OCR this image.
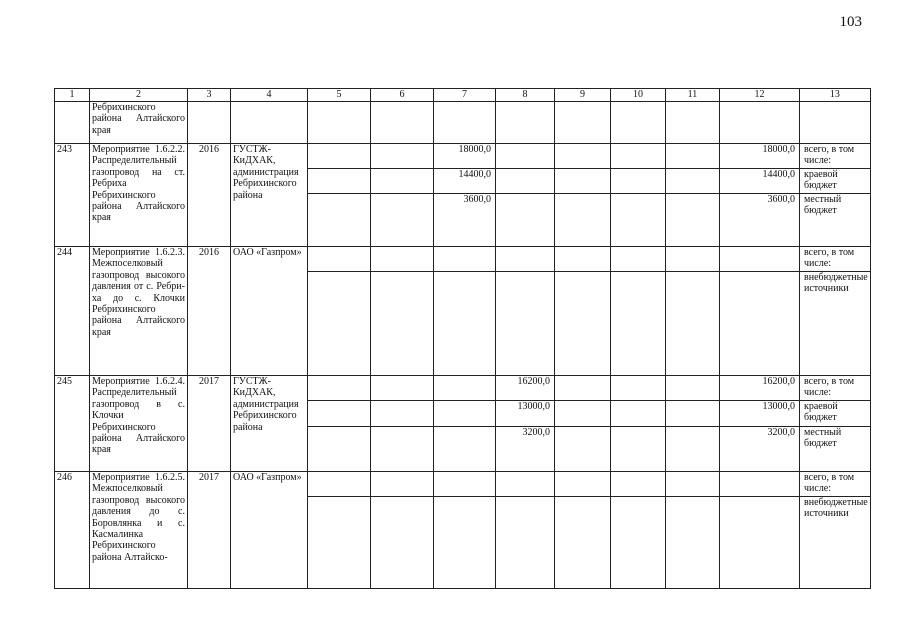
103
1	2	3	4	5	6	7	8	9	10	11	12	13
	Ребрихинского района Алтайского края											
243	Мероприятие 1.6.2.2. Распределительный газопровод на ст. Ребриха Ребрихинского района Алтайского края	2016	ГУСТЖ-КиДХАК, администрация Ребрихинского района			18000,0					18000,0	всего, в том числе:
						14400,0					14400,0	краевой бюджет
						3600,0					3600,0	местный бюджет
244	Мероприятие 1.6.2.3. Межпоселковый газопровод высокого давления от с. Ребри-ха до с. Клочки Ребрихинского района Алтайского края	2016	ОАО «Газпром»									всего, в том числе:
												внебюджетные источники
245	Мероприятие 1.6.2.4. Распределительный газопровод в с. Клочки Ребрихинского района Алтайского края	2017	ГУСТЖ-КиДХАК, администрация Ребрихинского района				16200,0				16200,0	всего, в том числе:
							13000,0				13000,0	краевой бюджет
							3200,0				3200,0	местный бюджет
246	Мероприятие 1.6.2.5. Межпоселковый газопровод высокого давления до с. Боровлянка и с. Касмалинка Ребрихинского района Алтайско-	2017	ОАО «Газпром»									всего, в том числе:
												внебюджетные источники
